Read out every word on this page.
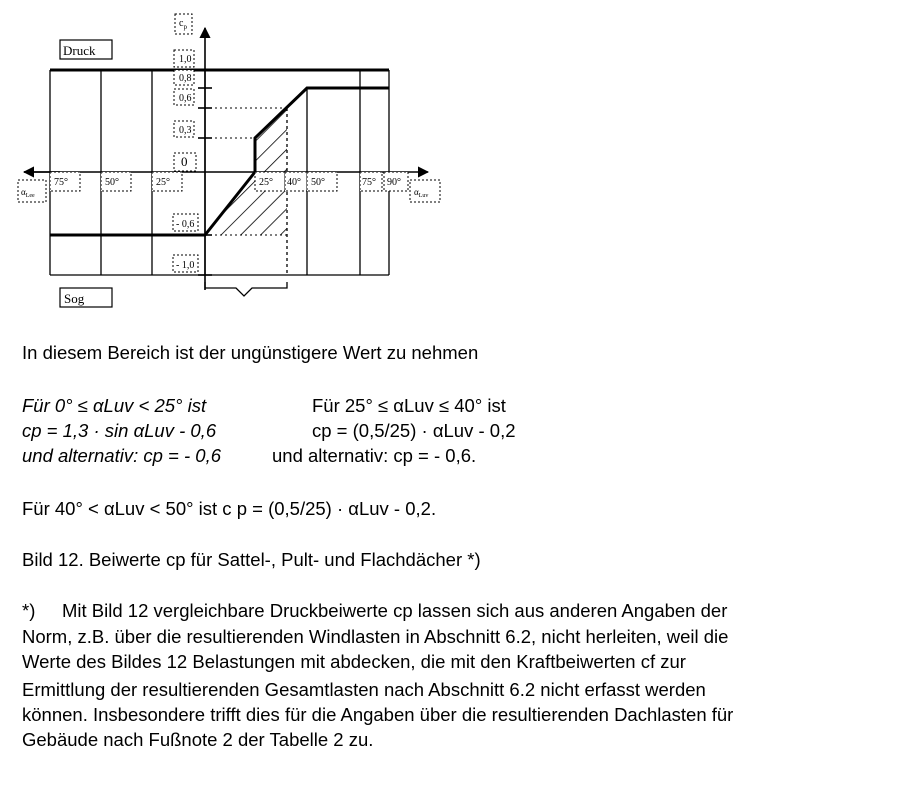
Druck
Sog
$c_p$
1,0
0,8
0,6
0,3
0
- 0,6
- 1,0
75°	50°	25°	25° 40° 50°	75° 90°
$\alpha_{Lee}$	$\alpha_{Luv}$

In diesem Bereich ist der ungünstigere Wert zu nehmen

Für 0° ≤ αLuv < 25° ist	Für 25° ≤ αLuv ≤ 40° ist

cp = 1,3 · sin αLuv - 0,6	cp = (0,5/25) · αLuv - 0,2

und alternativ: cp = - 0,6	und alternativ: cp = - 0,6.

Für 40° < αLuv < 50° ist c p = (0,5/25) · αLuv - 0,2.

Bild 12. Beiwerte cp für Sattel-, Pult- und Flachdächer *)

*) Mit Bild 12 vergleichbare Druckbeiwerte cp lassen sich aus anderen Angaben der

Norm, z.B. über die resultierenden Windlasten in Abschnitt 6.2, nicht herleiten, weil die

Werte des Bildes 12 Belastungen mit abdecken, die mit den Kraftbeiwerten cf zur

Ermittlung der resultierenden Gesamtlasten nach Abschnitt 6.2 nicht erfasst werden

können. Insbesondere trifft dies für die Angaben über die resultierenden Dachlasten für

Gebäude nach Fußnote 2 der Tabelle 2 zu.
